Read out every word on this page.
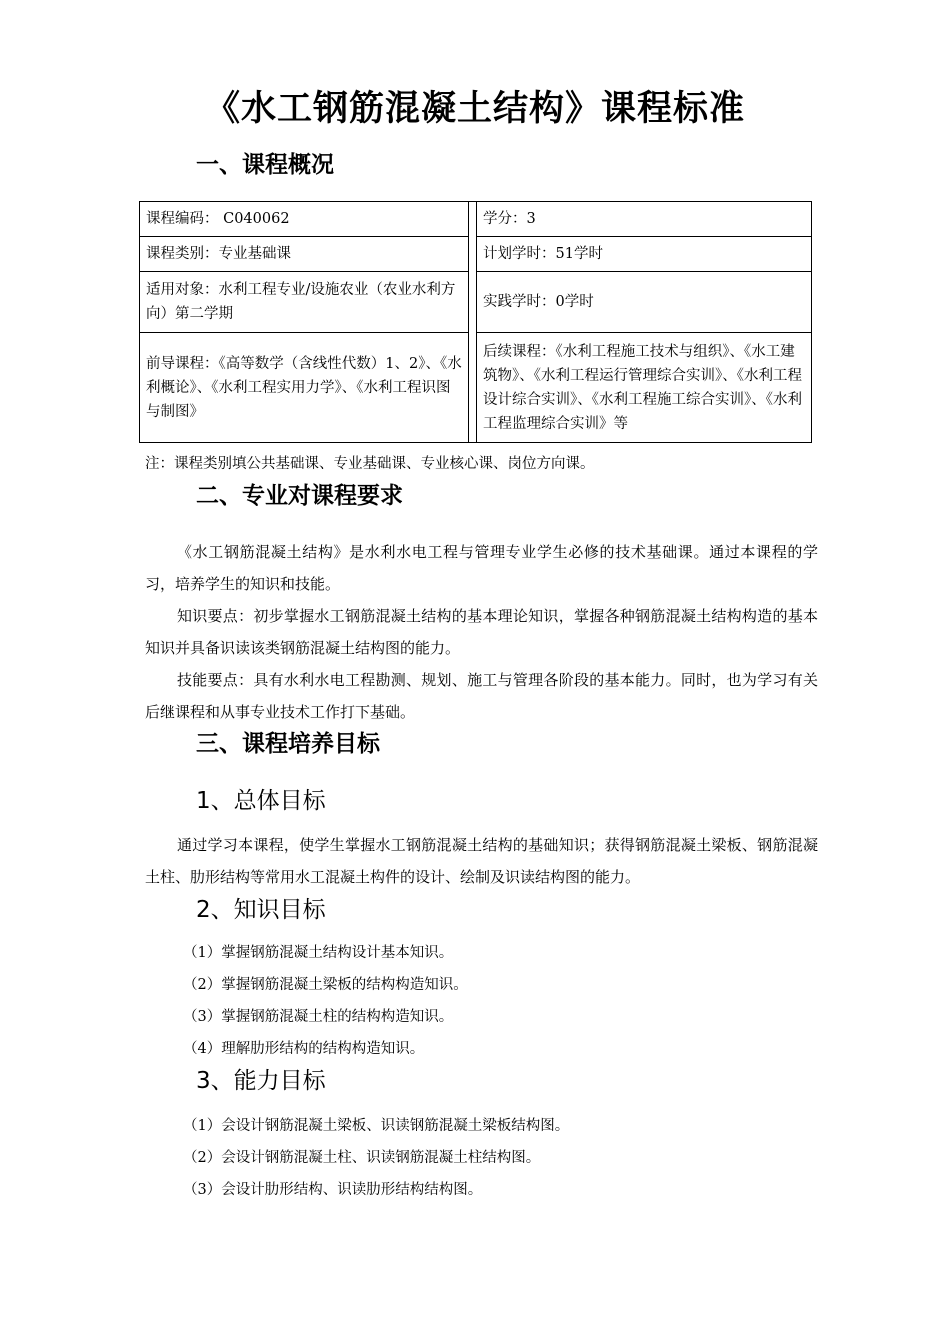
《水工钢筋混凝土结构》课程标准
一、课程概况
课程编码： C040062
课程类别：专业基础课
适用对象：水利工程专业/设施农业（农业水利方向）第二学期
前导课程：《高等数学（含线性代数）1、2》、《水利概论》、《水利工程实用力学》、《水利工程识图与制图》
学分：3
计划学时：51学时
实践学时：0学时
后续课程：《水利工程施工技术与组织》、《水工建筑物》、《水利工程运行管理综合实训》、《水利工程设计综合实训》、《水利工程施工综合实训》、《水利工程监理综合实训》等
注：课程类别填公共基础课、专业基础课、专业核心课、岗位方向课。
二、专业对课程要求

《水工钢筋混凝土结构》是水利水电工程与管理专业学生必修的技术基础课。通过本课程的学习，培养学生的知识和技能。

知识要点：初步掌握水工钢筋混凝土结构的基本理论知识，掌握各种钢筋混凝土结构构造的基本知识并具备识读该类钢筋混凝土结构图的能力。

技能要点：具有水利水电工程勘测、规划、施工与管理各阶段的基本能力。同时，也为学习有关后继课程和从事专业技术工作打下基础。

三、课程培养目标
1、总体目标

通过学习本课程，使学生掌握水工钢筋混凝土结构的基础知识；获得钢筋混凝土梁板、钢筋混凝土柱、肋形结构等常用水工混凝土构件的设计、绘制及识读结构图的能力。

2、知识目标
（1）掌握钢筋混凝土结构设计基本知识。
（2）掌握钢筋混凝土梁板的结构构造知识。
（3）掌握钢筋混凝土柱的结构构造知识。
（4）理解肋形结构的结构构造知识。
3、能力目标
（1）会设计钢筋混凝土梁板、识读钢筋混凝土梁板结构图。
（2）会设计钢筋混凝土柱、识读钢筋混凝土柱结构图。
（3）会设计肋形结构、识读肋形结构结构图。
